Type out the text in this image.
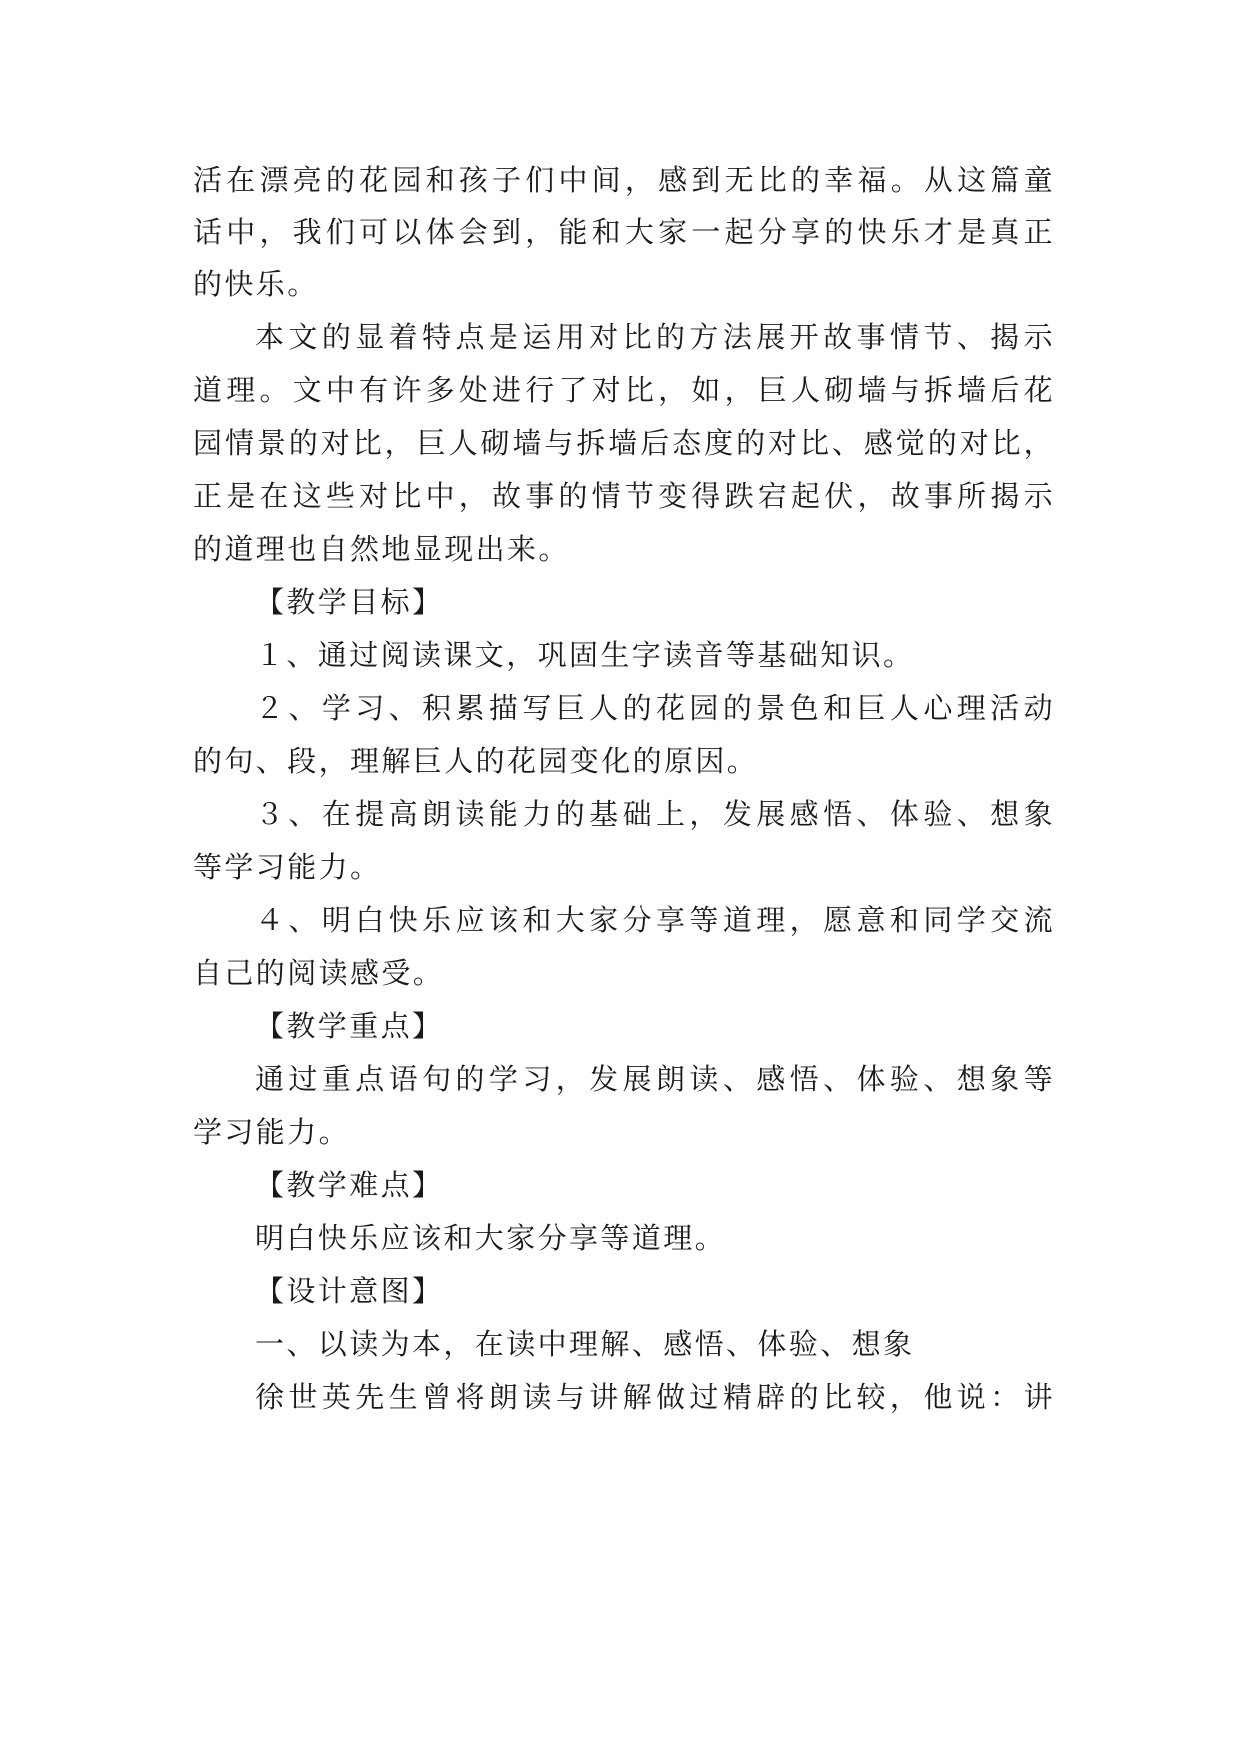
活在漂亮的花园和孩子们中间，感到无比的幸福。从这篇童
话中，我们可以体会到，能和大家一起分享的快乐才是真正
的快乐。
本文的显着特点是运用对比的方法展开故事情节、揭示
道理。文中有许多处进行了对比，如，巨人砌墙与拆墙后花
园情景的对比，巨人砌墙与拆墙后态度的对比、感觉的对比，
正是在这些对比中，故事的情节变得跌宕起伏，故事所揭示
的道理也自然地显现出来。
【教学目标】
１、通过阅读课文，巩固生字读音等基础知识。
２、学习、积累描写巨人的花园的景色和巨人心理活动
的句、段，理解巨人的花园变化的原因。
３、在提高朗读能力的基础上，发展感悟、体验、想象
等学习能力。
４、明白快乐应该和大家分享等道理，愿意和同学交流
自己的阅读感受。
【教学重点】
通过重点语句的学习，发展朗读、感悟、体验、想象等
学习能力。
【教学难点】
明白快乐应该和大家分享等道理。
【设计意图】
一、以读为本，在读中理解、感悟、体验、想象
徐世英先生曾将朗读与讲解做过精辟的比较，他说：讲
